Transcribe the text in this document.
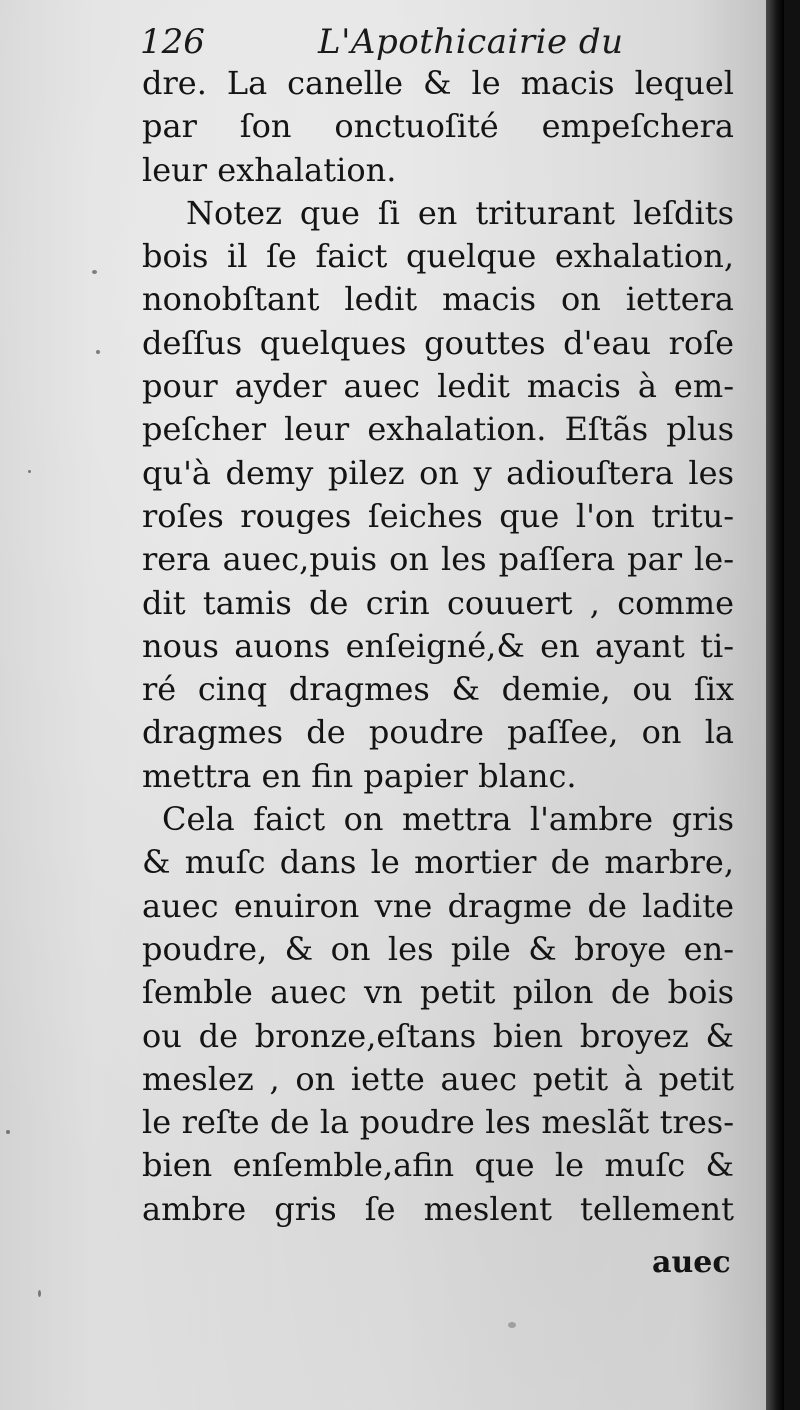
126	L'Apothicairie du
dre. La canelle & le macis lequel
par ſon onctuoſité empeſchera
leur exhalation.
Notez que ſi en triturant leſdits
bois il ſe faict quelque exhalation,
nonobſtant ledit macis on iettera
deſſus quelques gouttes d'eau roſe
pour ayder auec ledit macis à em-
peſcher leur exhalation. Eſtãs plus
qu'à demy pilez on y adiouſtera les
roſes rouges ſeiches que l'on tritu-
rera auec,puis on les paſſera par le-
dit tamis de crin couuert , comme
nous auons enſeigné,& en ayant ti-
ré cinq dragmes & demie, ou ſix
dragmes de poudre paſſee, on la
mettra en fin papier blanc.
Cela faict on mettra l'ambre gris
& muſc dans le mortier de marbre,
auec enuiron vne dragme de ladite
poudre, & on les pile & broye en-
ſemble auec vn petit pilon de bois
ou de bronze,eſtans bien broyez &
meslez , on iette auec petit à petit
le reſte de la poudre les meslãt tres-
bien enſemble,afin que le muſc &
ambre gris ſe meslent tellement
auec
